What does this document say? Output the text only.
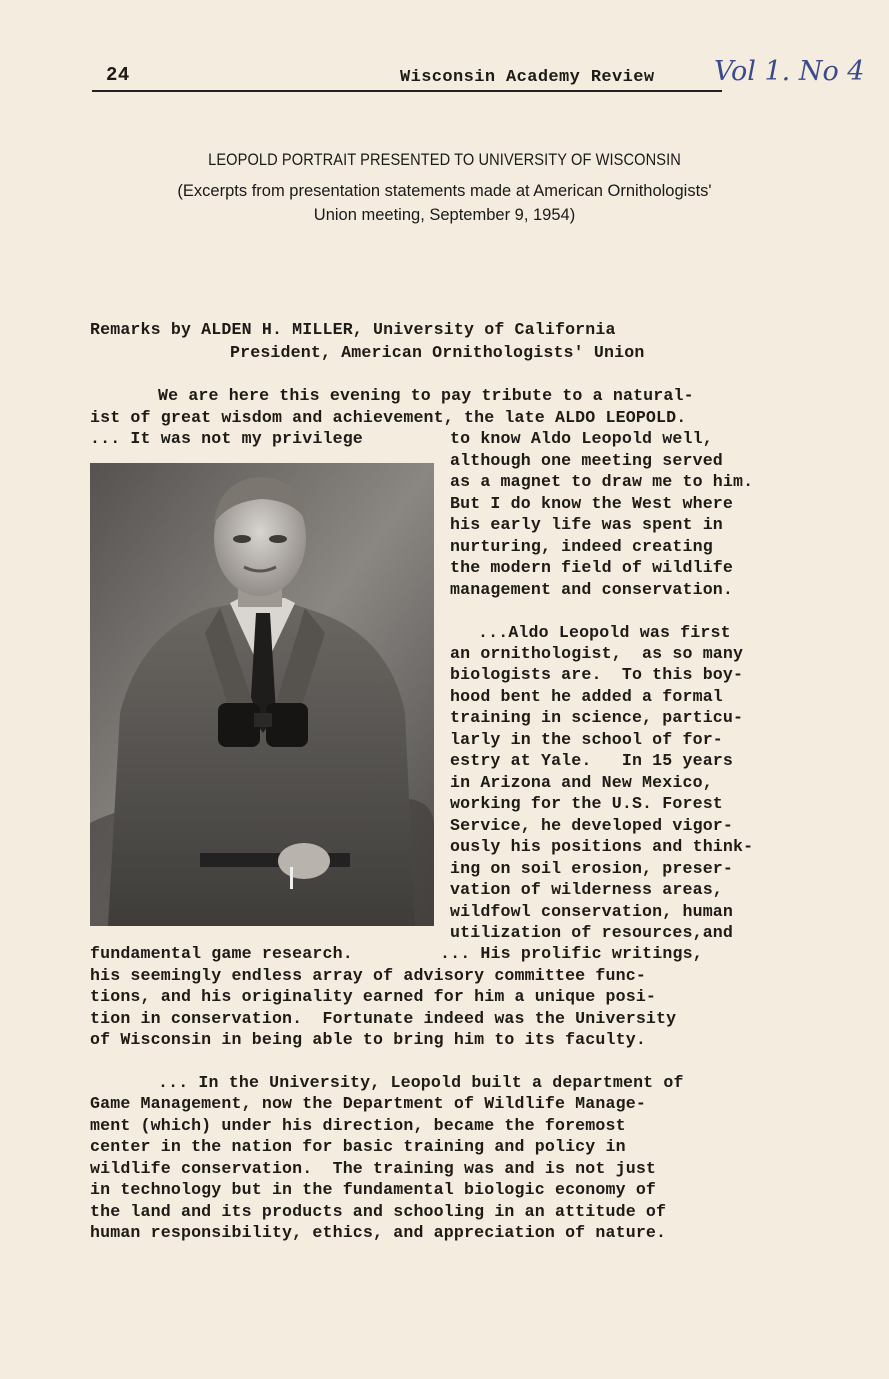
24	Wisconsin Academy Review Vol 1. No 4
LEOPOLD PORTRAIT PRESENTED TO UNIVERSITY OF WISCONSIN
(Excerpts from presentation statements made at American Ornithologists'
Union meeting, September 9, 1954)
Remarks by ALDEN H. MILLER, University of California
President, American Ornithologists' Union
We are here this evening to pay tribute to a natural-
ist of great wisdom and achievement, the late ALDO LEOPOLD.
... It was not my privilege	to know Aldo Leopold well,
although one meeting served
as a magnet to draw me to him.
But I do know the West where
his early life was spent in
nurturing, indeed creating
the modern field of wildlife
management and conservation.
...Aldo Leopold was first
an ornithologist,  as so many
biologists are.  To this boy-
hood bent he added a formal
training in science, particu-
larly in the school of for-
estry at Yale.   In 15 years
in Arizona and New Mexico,
working for the U.S. Forest
Service, he developed vigor-
ously his positions and think-
ing on soil erosion, preser-
vation of wilderness areas,
wildfowl conservation, human
utilization of resources,and
fundamental game research.	... His prolific writings,
his seemingly endless array of advisory committee func-
tions, and his originality earned for him a unique posi-
tion in conservation.  Fortunate indeed was the University
of Wisconsin in being able to bring him to its faculty.
... In the University, Leopold built a department of
Game Management, now the Department of Wildlife Manage-
ment (which) under his direction, became the foremost
center in the nation for basic training and policy in
wildlife conservation.  The training was and is not just
in technology but in the fundamental biologic economy of
the land and its products and schooling in an attitude of
human responsibility, ethics, and appreciation of nature.
